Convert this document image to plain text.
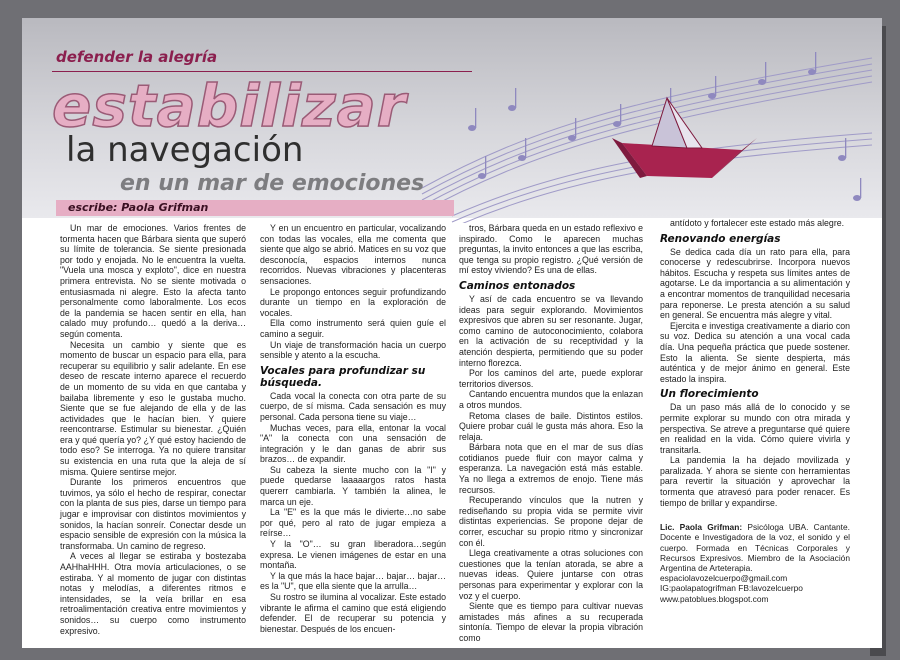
defender la alegría
estabilizar
la navegación
en un mar de emociones
escribe: Paola Grifman

Un mar de emociones. Varios frentes de tormenta hacen que Bárbara sienta que superó su límite de tolerancia. Se siente presionada por todo y enojada. No le encuentra la vuelta. "Vuela una mosca y exploto", dice en nuestra primera entrevista. No se siente motivada o entusiasmada ni alegre. Esto la afecta tanto personalmente como laboralmente. Los ecos de la pandemia se hacen sentir en ella, han calado muy profundo… quedó a la deriva… según comenta.

Necesita un cambio y siente que es momento de buscar un espacio para ella, para recuperar su equilibrio y salir adelante. En ese deseo de rescate interno aparece el recuerdo de un momento de su vida en que cantaba y bailaba libremente y eso le gustaba mucho. Siente que se fue alejando de ella y de las actividades que le hacían bien. Y quiere reencontrarse. Estimular su bienestar. ¿Quién era y qué quería yo? ¿Y qué estoy haciendo de todo eso? Se interroga. Ya no quiere transitar su existencia en una ruta que la aleja de sí misma. Quiere sentirse mejor.

Durante los primeros encuentros que tuvimos, ya sólo el hecho de respirar, conectar con la planta de sus pies, darse un tiempo para jugar e improvisar con distintos movimientos y sonidos, la hacían sonreír. Conectar desde un espacio sensible de expresión con la música la transformaba. Un camino de regreso.

A veces al llegar se estiraba y bostezaba AAHhaHHH. Otra movía articulaciones, o se estiraba. Y al momento de jugar con distintas notas y melodías, a diferentes ritmos e intensidades, se la veía brillar en esa retroalimentación creativa entre movimientos y sonidos… su cuerpo como instrumento expresivo.

Y en un encuentro en particular, vocalizando con todas las vocales, ella me comenta que siente que algo se abrió. Matices en su voz que desconocía, espacios internos nunca recorridos. Nuevas vibraciones y placenteras sensaciones.

Le propongo entonces seguir profundizando durante un tiempo en la exploración de vocales.

Ella como instrumento será quien guíe el camino a seguir.

Un viaje de transformación hacia un cuerpo sensible y atento a la escucha.

Vocales para profundizar su búsqueda.

Cada vocal la conecta con otra parte de su cuerpo, de sí misma. Cada sensación es muy personal. Cada persona tiene su viaje…

Muchas veces, para ella, entonar la vocal "A" la conecta con una sensación de integración y le dan ganas de abrir sus brazos… de expandir.

Su cabeza la siente mucho con la "I" y puede quedarse laaaaargos ratos hasta quererr cambiarla. Y también la alinea, le marca un eje.

La "E" es la que más le divierte…no sabe por qué, pero al rato de jugar empieza a reírse…

Y la "O"… su gran liberadora…según expresa. Le vienen imágenes de estar en una montaña.

Y la que más la hace bajar… bajar… bajar… es la "U", que ella siente que la arrulla…

Su rostro se ilumina al vocalizar. Este estado vibrante le afirma el camino que está eligiendo defender. El de recuperar su potencia y bienestar. Después de los encuen-

tros, Bárbara queda en un estado reflexivo e inspirado. Como le aparecen muchas preguntas, la invito entonces a que las escriba, que tenga su propio registro. ¿Qué versión de mí estoy viviendo? Es una de ellas.

Caminos entonados

Y así de cada encuentro se va llevando ideas para seguir explorando. Movimientos expresivos que abren su ser resonante. Jugar, como camino de autoconocimiento, colabora en la activación de su receptividad y la atención despierta, permitiendo que su poder interno florezca.

Por los caminos del arte, puede explorar territorios diversos.

Cantando encuentra mundos que la enlazan a otros mundos.

Retoma clases de baile. Distintos estilos. Quiere probar cuál le gusta más ahora. Eso la relaja.

Bárbara nota que en el mar de sus días cotidianos puede fluir con mayor calma y esperanza. La navegación está más estable. Ya no llega a extremos de enojo. Tiene más recursos.

Recuperando vínculos que la nutren y rediseñando su propia vida se permite vivir distintas experiencias. Se propone dejar de correr, escuchar su propio ritmo y sincronizar con él.

Llega creativamente a otras soluciones con cuestiones que la tenían atorada, se abre a nuevas ideas. Quiere juntarse con otras personas para experimentar y explorar con la voz y el cuerpo.

Siente que es tiempo para cultivar nuevas amistades más afines a su recuperada sintonía. Tiempo de elevar la propia vibración como

antídoto y fortalecer este estado más alegre.

Renovando energías

Se dedica cada día un rato para ella, para conocerse y redescubrirse. Incorpora nuevos hábitos. Escucha y respeta sus límites antes de agotarse. Le da importancia a su alimentación y a encontrar momentos de tranquilidad necesaria para reponerse. Le presta atención a su salud en general. Se encuentra más alegre y vital.

Ejercita e investiga creativamente a diario con su voz. Dedica su atención a una vocal cada día. Una pequeña práctica que puede sostener. Esto la alienta. Se siente despierta, más auténtica y de mejor ánimo en general. Este estado la inspira.

Un florecimiento

Da un paso más allá de lo conocido y se permite explorar su mundo con otra mirada y perspectiva. Se atreve a preguntarse qué quiere en realidad en la vida. Cómo quiere vivirla y transitarla.

La pandemia la ha dejado movilizada y paralizada. Y ahora se siente con herramientas para revertir la situación y aprovechar la tormenta que atravesó para poder renacer. Es tiempo de brillar y expandirse.

Lic. Paola Grifman: Psicóloga UBA. Cantante. Docente e Investigadora de la voz, el sonido y el cuerpo. Formada en Técnicas Corporales y Recursos Expresivos. Miembro de la Asociación Argentina de Arteterapia.

espaciolavozelcuerpo@gmail.com

IG:paolapatogrifman FB:lavozelcuerpo

www.patoblues.blogspot.com
